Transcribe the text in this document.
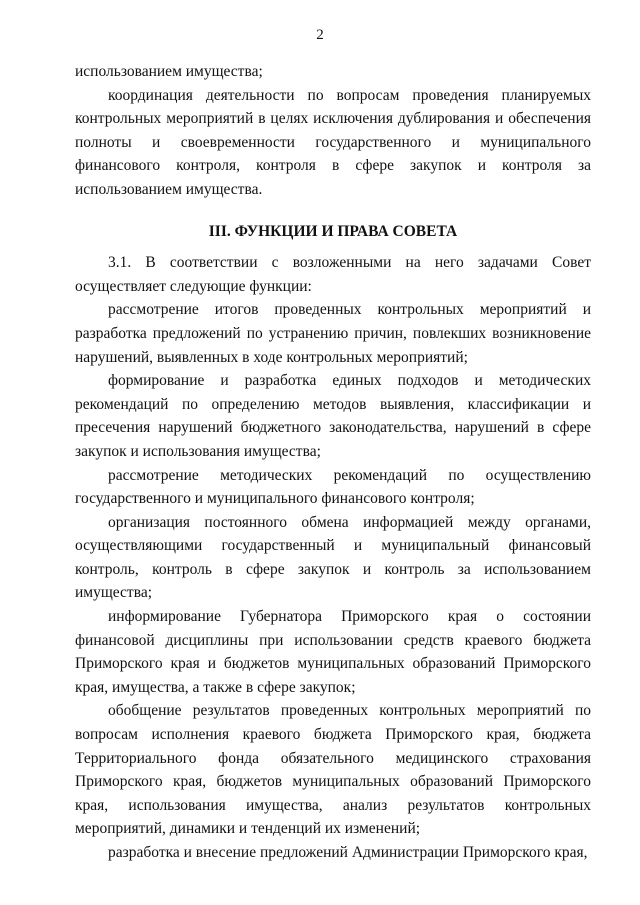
2

использованием имущества;

координация деятельности по вопросам проведения планируемых контрольных мероприятий в целях исключения дублирования и обеспечения полноты и своевременности государственного и муниципального финансового контроля, контроля в сфере закупок и контроля за использованием имущества.

III. ФУНКЦИИ И ПРАВА СОВЕТА

3.1. В соответствии с возложенными на него задачами Совет осуществляет следующие функции:

рассмотрение итогов проведенных контрольных мероприятий и разработка предложений по устранению причин, повлекших возникновение нарушений, выявленных в ходе контрольных мероприятий;

формирование и разработка единых подходов и методических рекомендаций по определению методов выявления, классификации и пресечения нарушений бюджетного законодательства, нарушений в сфере закупок и использования имущества;

рассмотрение методических рекомендаций по осуществлению государственного и муниципального финансового контроля;

организация постоянного обмена информацией между органами, осуществляющими государственный и муниципальный финансовый контроль, контроль в сфере закупок и контроль за использованием имущества;

информирование Губернатора Приморского края о состоянии финансовой дисциплины при использовании средств краевого бюджета Приморского края и бюджетов муниципальных образований Приморского края, имущества, а также в сфере закупок;

обобщение результатов проведенных контрольных мероприятий по вопросам исполнения краевого бюджета Приморского края, бюджета Территориального фонда обязательного медицинского страхования Приморского края, бюджетов муниципальных образований Приморского края, использования имущества, анализ результатов контрольных мероприятий, динамики и тенденций их изменений;

разработка и внесение предложений Администрации Приморского края,
